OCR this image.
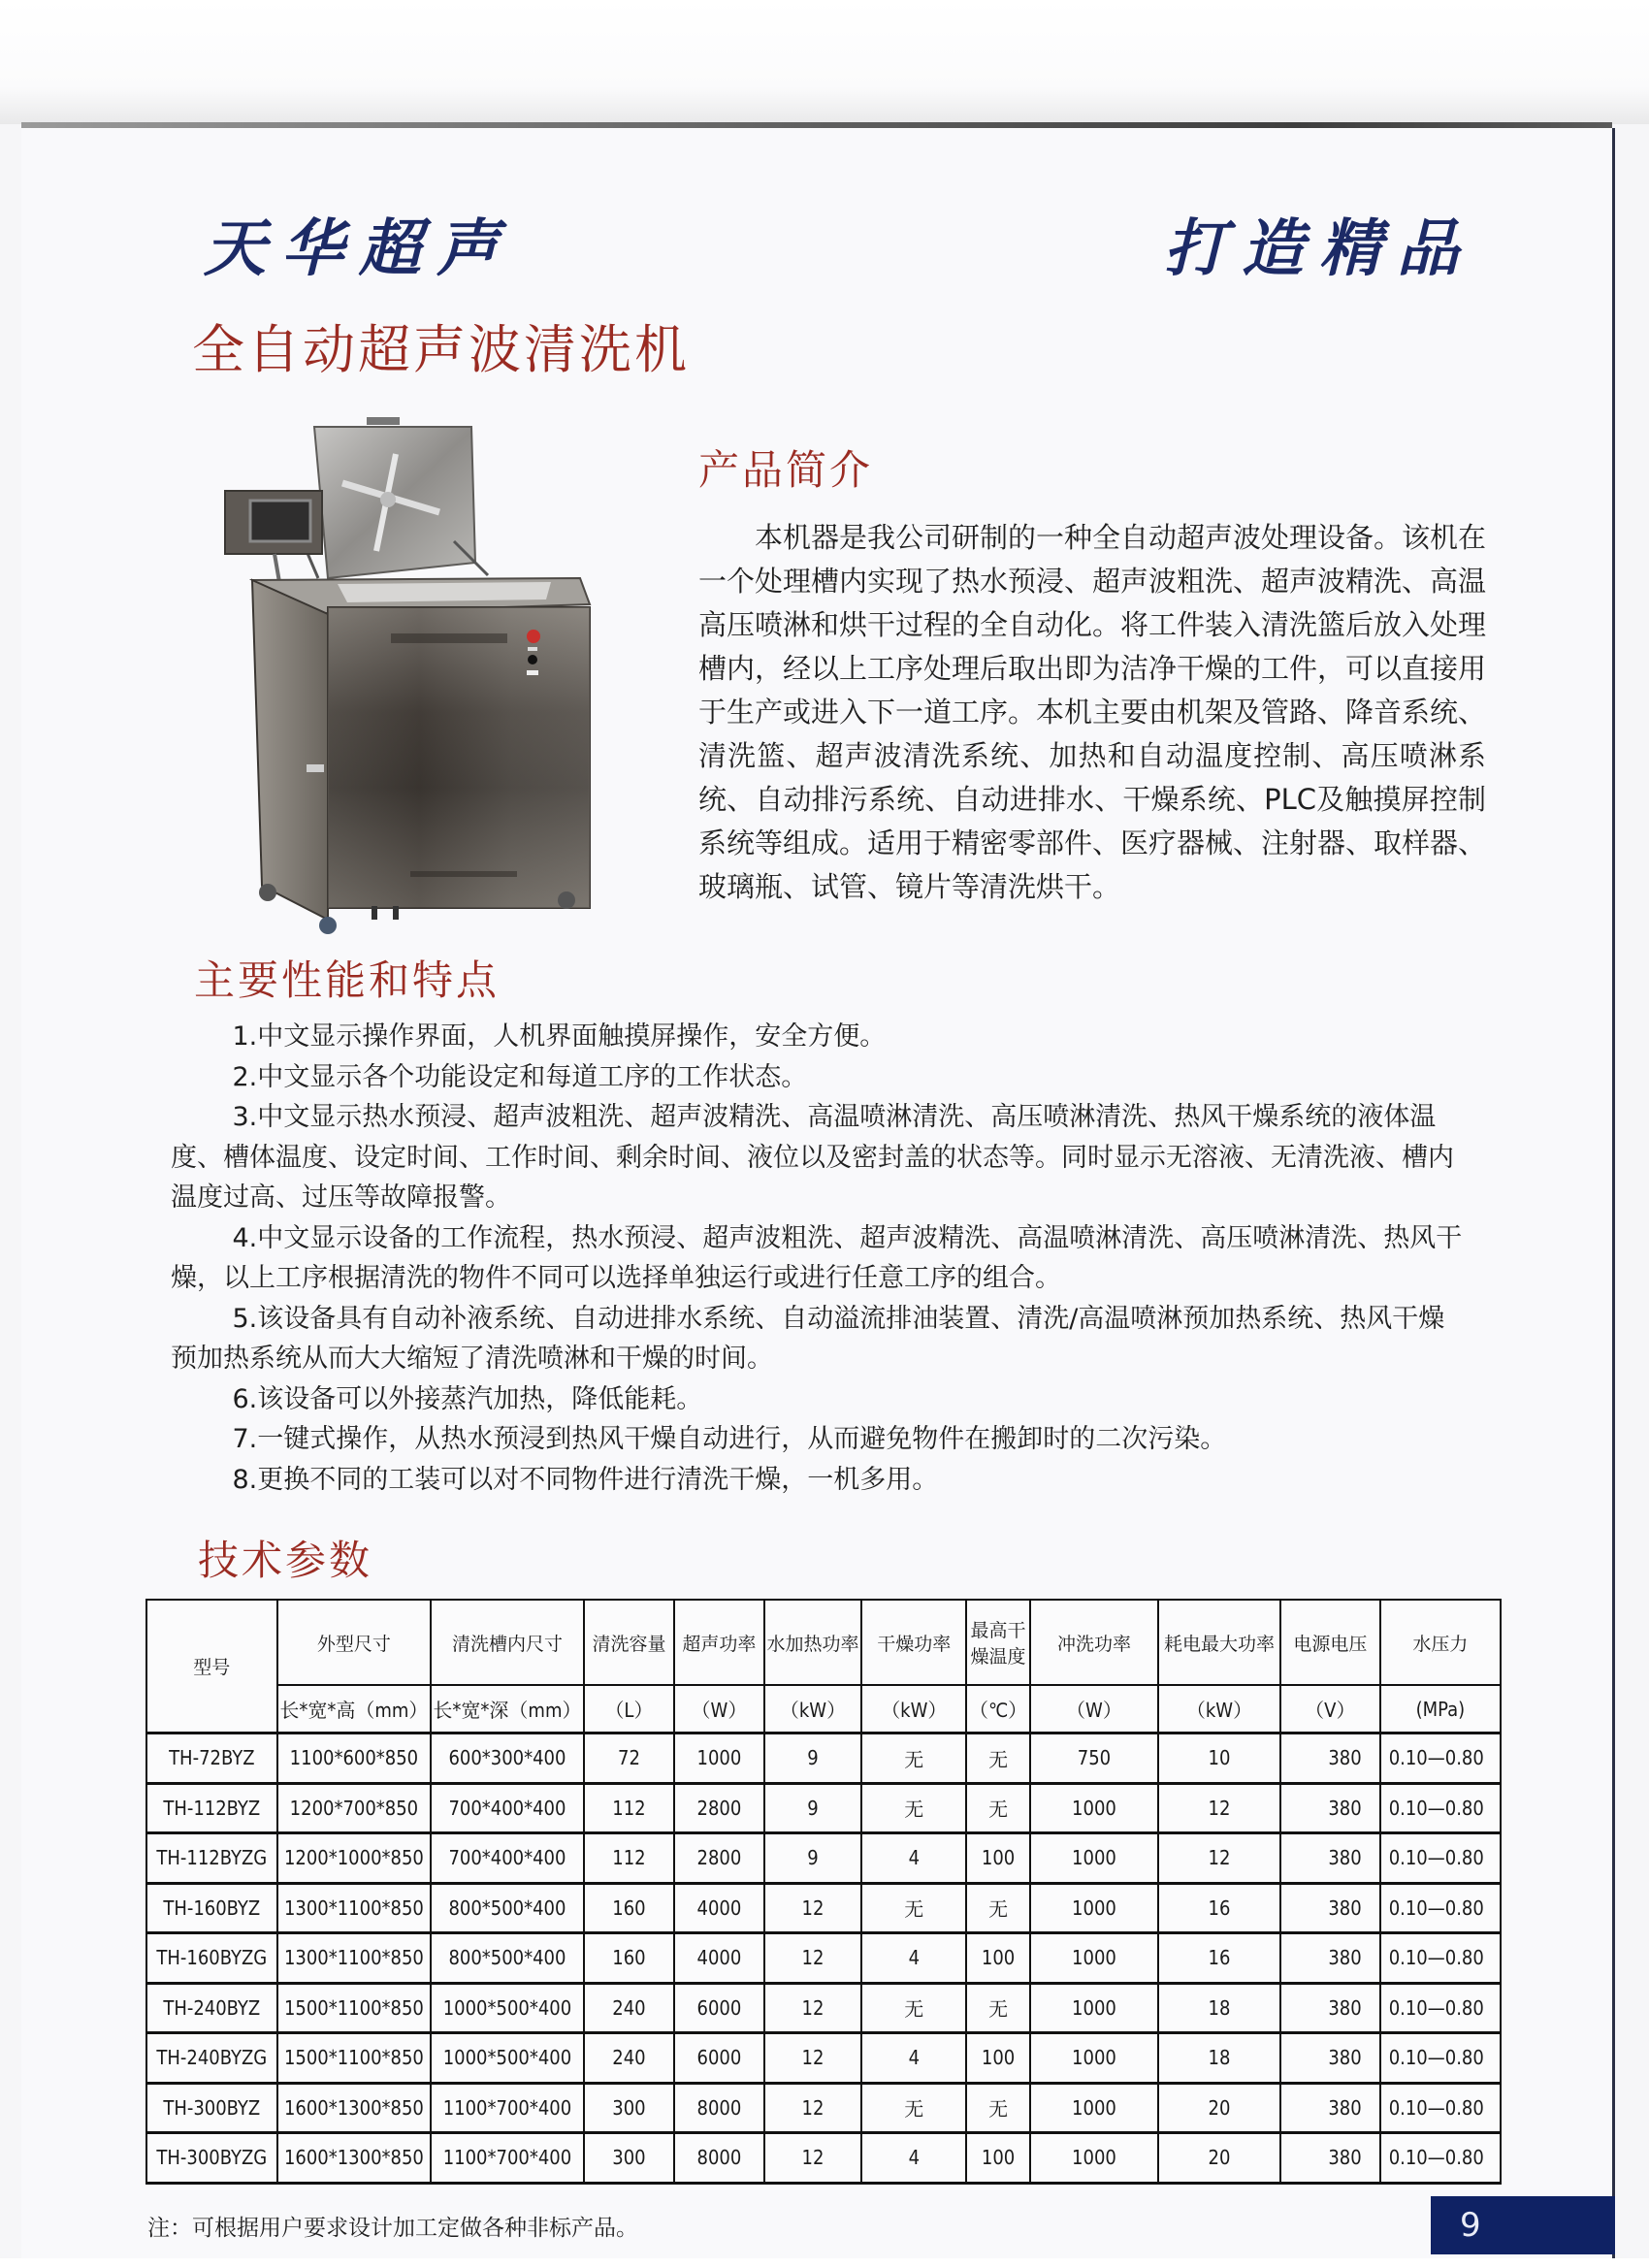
天华超声	打造精品
全自动超声波清洗机
产品简介
本机器是我公司研制的一种全自动超声波处理设备。该机在一个处理槽内实现了热水预浸、超声波粗洗、超声波精洗、高温高压喷淋和烘干过程的全自动化。将工件装入清洗篮后放入处理槽内，经以上工序处理后取出即为洁净干燥的工件，可以直接用于生产或进入下一道工序。本机主要由机架及管路、降音系统、清洗篮、超声波清洗系统、加热和自动温度控制、高压喷淋系统、自动排污系统、自动进排水、干燥系统、PLC及触摸屏控制系统等组成。适用于精密零部件、医疗器械、注射器、取样器、玻璃瓶、试管、镜片等清洗烘干。
主要性能和特点

1.中文显示操作界面，人机界面触摸屏操作，安全方便。

2.中文显示各个功能设定和每道工序的工作状态。

3.中文显示热水预浸、超声波粗洗、超声波精洗、高温喷淋清洗、高压喷淋清洗、热风干燥系统的液体温度、槽体温度、设定时间、工作时间、剩余时间、液位以及密封盖的状态等。同时显示无溶液、无清洗液、槽内温度过高、过压等故障报警。

4.中文显示设备的工作流程，热水预浸、超声波粗洗、超声波精洗、高温喷淋清洗、高压喷淋清洗、热风干燥，以上工序根据清洗的物件不同可以选择单独运行或进行任意工序的组合。

5.该设备具有自动补液系统、自动进排水系统、自动溢流排油装置、清洗/高温喷淋预加热系统、热风干燥预加热系统从而大大缩短了清洗喷淋和干燥的时间。

6.该设备可以外接蒸汽加热，降低能耗。

7.一键式操作，从热水预浸到热风干燥自动进行，从而避免物件在搬卸时的二次污染。

8.更换不同的工装可以对不同物件进行清洗干燥，一机多用。

技术参数
型号	外型尺寸	清洗槽内尺寸	清洗容量	超声功率	水加热功率	干燥功率	最高干
燥温度	冲洗功率	耗电最大功率	电源电压	水压力
	长*宽*高（mm）	长*宽*深（mm）	（L）	（W）	（kW）	（kW）	（℃）	（W）	（kW）	（V）	(MPa)
TH-72BYZ	1100*600*850	600*300*400	72	1000	9	无	无	750	10	380	0.10—0.80
TH-112BYZ	1200*700*850	700*400*400	112	2800	9	无	无	1000	12	380	0.10—0.80
TH-112BYZG	1200*1000*850	700*400*400	112	2800	9	4	100	1000	12	380	0.10—0.80
TH-160BYZ	1300*1100*850	800*500*400	160	4000	12	无	无	1000	16	380	0.10—0.80
TH-160BYZG	1300*1100*850	800*500*400	160	4000	12	4	100	1000	16	380	0.10—0.80
TH-240BYZ	1500*1100*850	1000*500*400	240	6000	12	无	无	1000	18	380	0.10—0.80
TH-240BYZG	1500*1100*850	1000*500*400	240	6000	12	4	100	1000	18	380	0.10—0.80
TH-300BYZ	1600*1300*850	1100*700*400	300	8000	12	无	无	1000	20	380	0.10—0.80
TH-300BYZG	1600*1300*850	1100*700*400	300	8000	12	4	100	1000	20	380	0.10—0.80
注：可根据用户要求设计加工定做各种非标产品。	9
